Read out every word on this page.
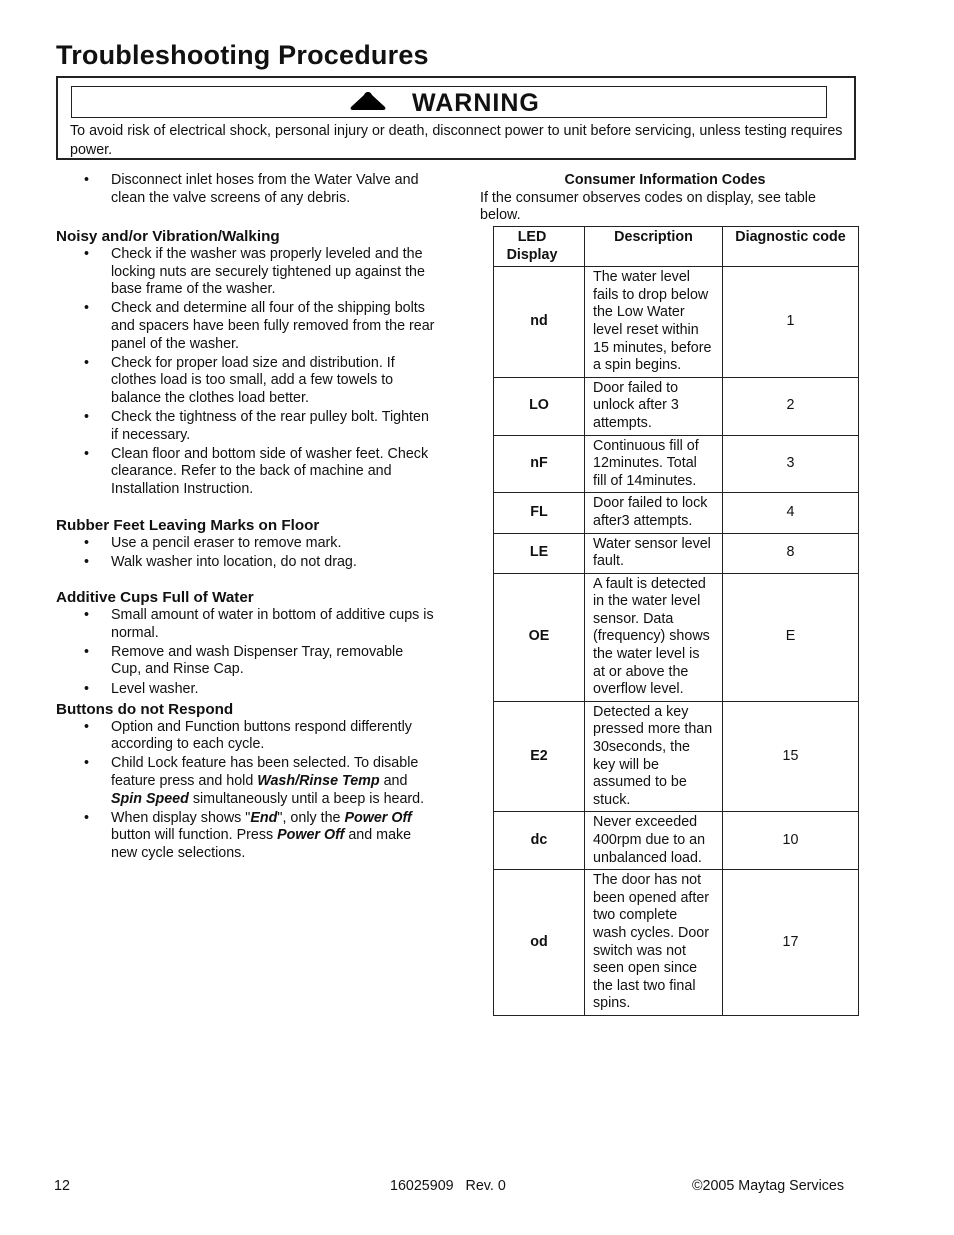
Troubleshooting Procedures
WARNING
To avoid risk of electrical shock, personal injury or death, disconnect power to unit before servicing, unless testing requires power.
• Disconnect inlet hoses from the Water Valve and clean the valve screens of any debris.
Noisy and/or Vibration/Walking
• Check if the washer was properly leveled and the locking nuts are securely tightened up against the base frame of the washer.
• Check and determine all four of the shipping bolts and spacers have been fully removed from the rear panel of the washer.
• Check for proper load size and distribution. If clothes load is too small, add a few towels to balance the clothes load better.
• Check the tightness of the rear pulley bolt. Tighten if necessary.
• Clean floor and bottom side of washer feet. Check clearance. Refer to the back of machine and Installation Instruction.
Rubber Feet Leaving Marks on Floor
• Use a pencil eraser to remove mark.
• Walk washer into location, do not drag.
Additive Cups Full of Water
• Small amount of water in bottom of additive cups is normal.
• Remove and wash Dispenser Tray, removable Cup, and Rinse Cap.
• Level washer.
Buttons do not Respond
• Option and Function buttons respond differently according to each cycle.
• Child Lock feature has been selected. To disable feature press and hold Wash/Rinse Temp and Spin Speed simultaneously until a beep is heard.
• When display shows "End", only the Power Off button will function. Press Power Off and make new cycle selections.
Consumer Information Codes
If the consumer observes codes on display, see table below.
LED Display	Description	Diagnostic code
nd	The water level fails to drop below the Low Water level reset within 15 minutes, before a spin begins.	1
LO	Door failed to unlock after 3 attempts.	2
nF	Continuous fill of 12minutes. Total fill of 14minutes.	3
FL	Door failed to lock after3 attempts.	4
LE	Water sensor level fault.	8
OE	A fault is detected in the water level sensor. Data (frequency) shows the water level is at or above the overflow level.	E
E2	Detected a key pressed more than 30seconds, the key will be assumed to be stuck.	15
dc	Never exceeded 400rpm due to an unbalanced load.	10
od	The door has not been opened after two complete wash cycles. Door switch was not seen open since the last two final spins.	17
12	16025909   Rev. 0	©2005 Maytag Services
